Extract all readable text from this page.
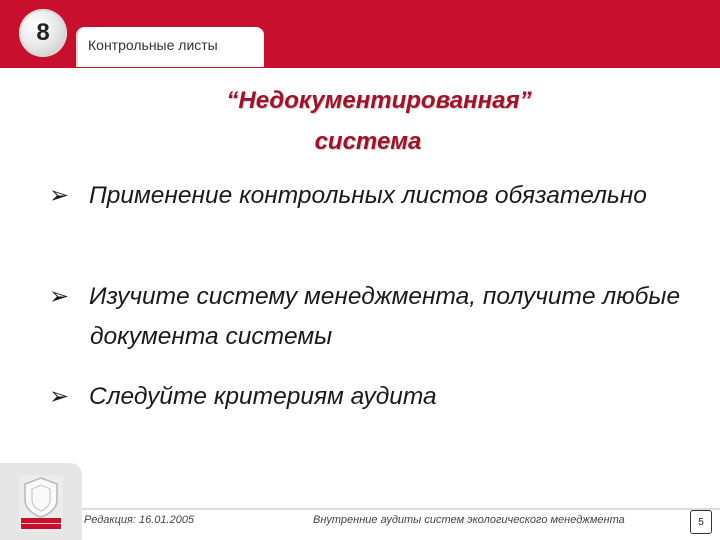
8	Контрольные листы
“Недокументированная”
система
➢ Применение контрольных листов обязательно
➢ Изучите систему менеджмента, получите любые документа системы
➢ Следуйте критериям аудита
Редакция: 16.01.2005	Внутренние аудиты систем экологического менеджмента	5
